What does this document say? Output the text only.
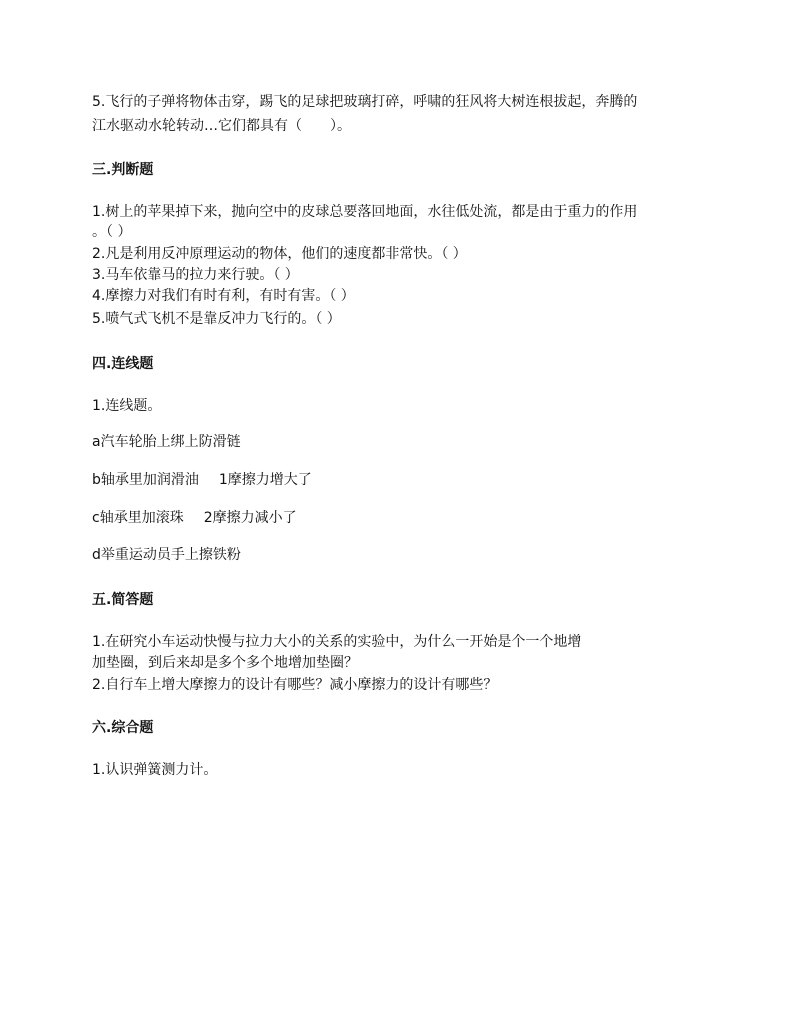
5.飞行的子弹将物体击穿，踢飞的足球把玻璃打碎，呼啸的狂风将大树连根拔起，奔腾的
江水驱动水轮转动…它们都具有（　　）。
三.判断题
1.树上的苹果掉下来，抛向空中的皮球总要落回地面，水往低处流，都是由于重力的作用
。（ ）
2.凡是利用反冲原理运动的物体，他们的速度都非常快。（ ）
3.马车依靠马的拉力来行驶。（ ）
4.摩擦力对我们有时有利，有时有害。（ ）
5.喷气式飞机不是靠反冲力飞行的。（ ）
四.连线题
1.连线题。
a汽车轮胎上绑上防滑链
b轴承里加润滑油 1摩擦力增大了
c轴承里加滚珠 2摩擦力减小了
d举重运动员手上擦铁粉
五.简答题
1.在研究小车运动快慢与拉力大小的关系的实验中，为什么一开始是个一个地增
加垫圈，到后来却是多个多个地增加垫圈？
2.自行车上增大摩擦力的设计有哪些？减小摩擦力的设计有哪些？
六.综合题
1.认识弹簧测力计。
